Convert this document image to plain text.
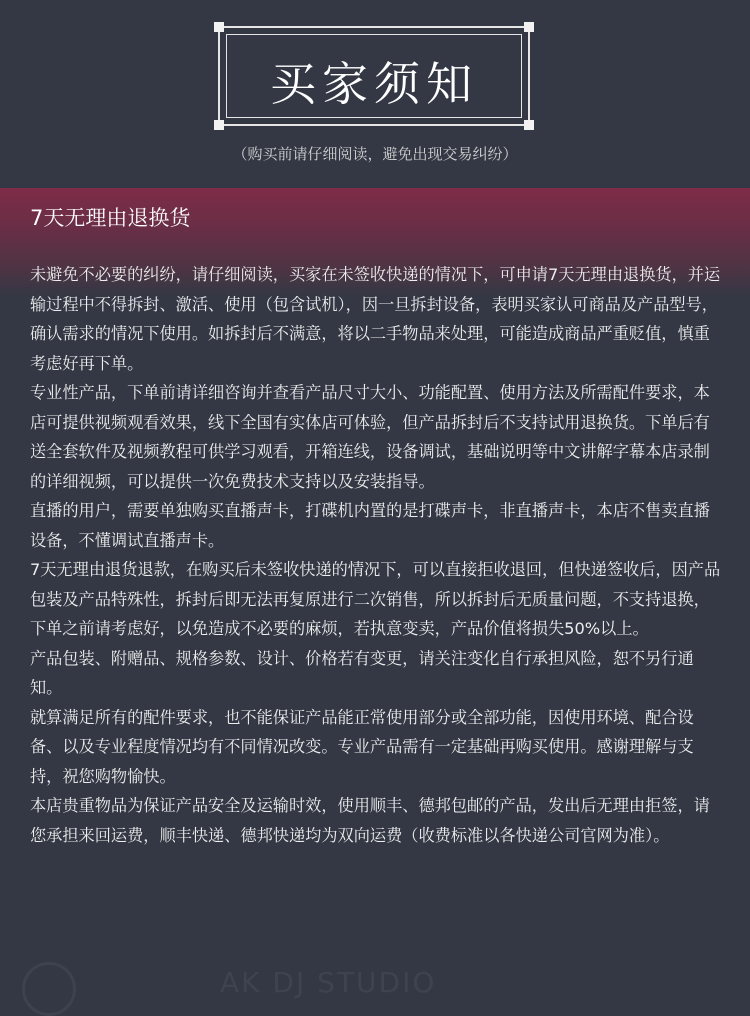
AK DJ STUDIO
买家须知
（购买前请仔细阅读，避免出现交易纠纷）
7天无理由退换货

未避免不必要的纠纷，请仔细阅读，买家在未签收快递的情况下，可申请7天无理由退换货，并运输过程中不得拆封、激活、使用（包含试机），因一旦拆封设备，表明买家认可商品及产品型号，确认需求的情况下使用。如拆封后不满意，将以二手物品来处理，可能造成商品严重贬值，慎重考虑好再下单。

专业性产品，下单前请详细咨询并查看产品尺寸大小、功能配置、使用方法及所需配件要求，本店可提供视频观看效果，线下全国有实体店可体验，但产品拆封后不支持试用退换货。下单后有送全套软件及视频教程可供学习观看，开箱连线，设备调试，基础说明等中文讲解字幕本店录制的详细视频，可以提供一次免费技术支持以及安装指导。

直播的用户，需要单独购买直播声卡，打碟机内置的是打碟声卡，非直播声卡，本店不售卖直播设备，不懂调试直播声卡。

7天无理由退货退款，在购买后未签收快递的情况下，可以直接拒收退回，但快递签收后，因产品包装及产品特殊性，拆封后即无法再复原进行二次销售，所以拆封后无质量问题，不支持退换，下单之前请考虑好，以免造成不必要的麻烦，若执意变卖，产品价值将损失50%以上。

产品包装、附赠品、规格参数、设计、价格若有变更，请关注变化自行承担风险，恕不另行通知。

就算满足所有的配件要求，也不能保证产品能正常使用部分或全部功能，因使用环境、配合设备、以及专业程度情况均有不同情况改变。专业产品需有一定基础再购买使用。感谢理解与支持，祝您购物愉快。

本店贵重物品为保证产品安全及运输时效，使用顺丰、德邦包邮的产品，发出后无理由拒签，请您承担来回运费，顺丰快递、德邦快递均为双向运费（收费标准以各快递公司官网为准）。
